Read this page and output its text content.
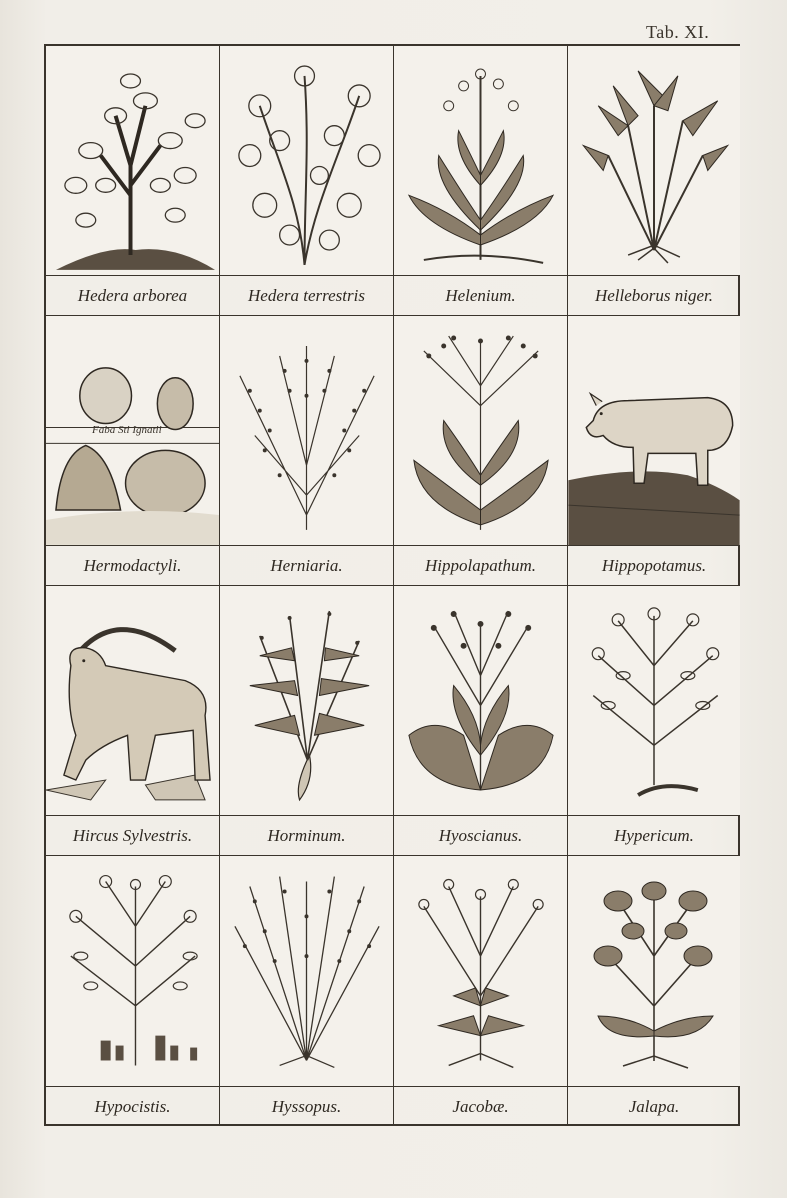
Tab. XI.
Hedera arborea	Hedera terrestris	Helenium.	Helleborus niger.
Faba Sti Ignatii
Hermodactyli.	Herniaria.	Hippolapathum.	Hippopotamus.
Hircus Sylvestris.	Horminum.	Hyoscianus.	Hypericum.
Hypocistis.	Hyssopus.	Jacobæ.	Jalapa.
